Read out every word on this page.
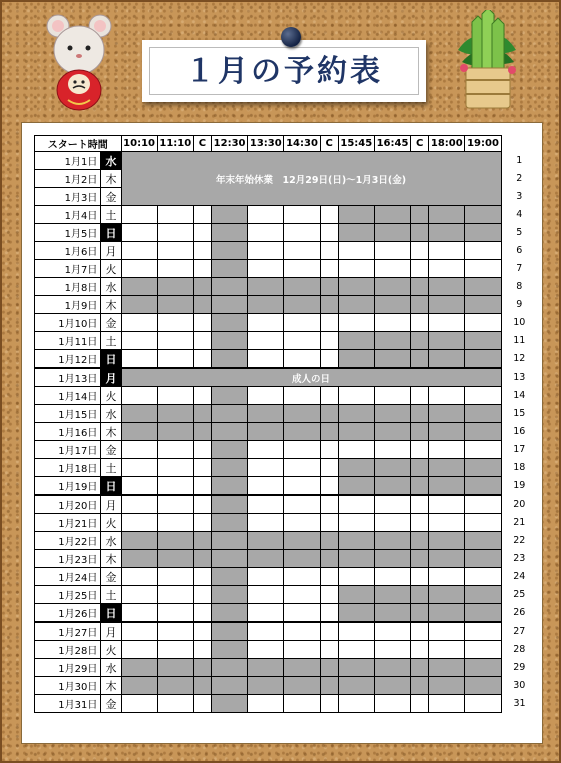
１月の予約表
スタート時間		10:10	11:10	C	12:30	13:30	14:30	C	15:45	16:45	C	18:00	19:00	
1月1日	水	年末年始休業　12月29日(日)～1月3日(金)												1
1月2日	木													2
1月3日	金													3
1月4日	土													4
1月5日	日													5
1月6日	月													6
1月7日	火													7
1月8日	水													8
1月9日	木													9
1月10日	金													10
1月11日	土													11
1月12日	日													12
1月13日	月	成人の日												13
1月14日	火													14
1月15日	水													15
1月16日	木													16
1月17日	金													17
1月18日	土													18
1月19日	日													19
1月20日	月													20
1月21日	火													21
1月22日	水													22
1月23日	木													23
1月24日	金													24
1月25日	土													25
1月26日	日													26
1月27日	月													27
1月28日	火													28
1月29日	水													29
1月30日	木													30
1月31日	金													31
